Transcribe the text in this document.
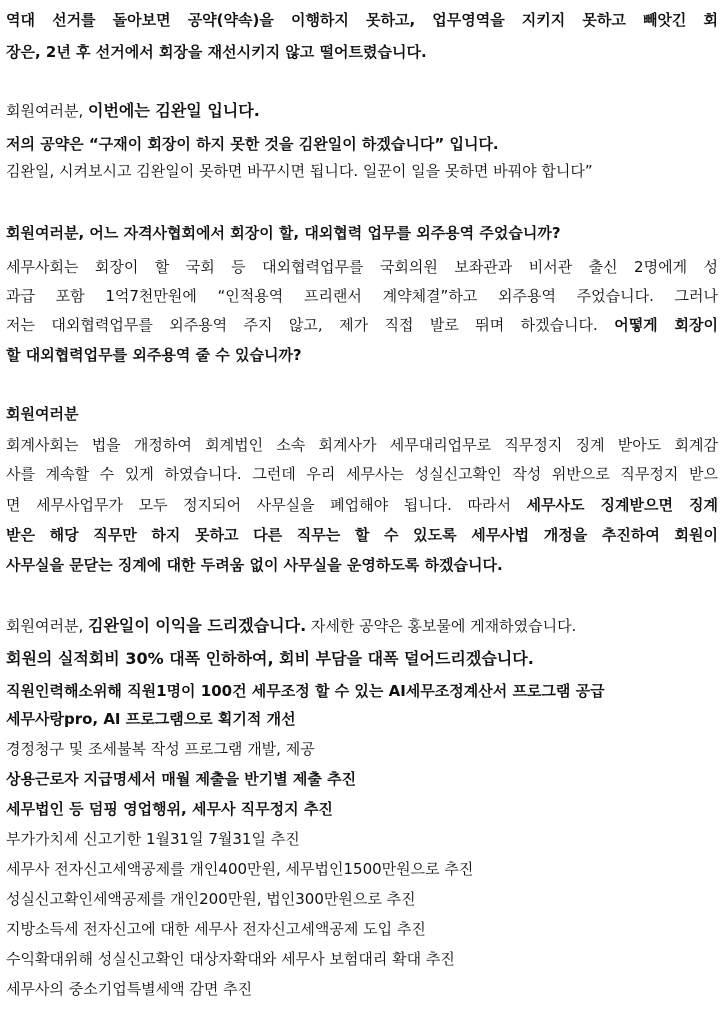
역대 선거를 돌아보면 공약(약속)을 이행하지 못하고, 업무영역을 지키지 못하고 빼앗긴 회
장은, 2년 후 선거에서 회장을 재선시키지 않고 떨어트렸습니다.
회원여러분, 이번에는 김완일 입니다.
저의 공약은 “구재이 회장이 하지 못한 것을 김완일이 하겠습니다” 입니다.
김완일, 시켜보시고 김완일이 못하면 바꾸시면 됩니다. 일꾼이 일을 못하면 바꿔야 합니다”
회원여러분, 어느 자격사협회에서 회장이 할, 대외협력 업무를 외주용역 주었습니까?
세무사회는 회장이 할 국회 등 대외협력업무를 국회의원 보좌관과 비서관 출신 2명에게 성
과급 포함 1억7천만원에 “인적용역 프리랜서 계약체결”하고 외주용역 주었습니다. 그러나
저는 대외협력업무를 외주용역 주지 않고, 제가 직접 발로 뛰며 하겠습니다. 어떻게 회장이
할 대외협력업무를 외주용역 줄 수 있습니까?
회원여러분
회계사회는 법을 개정하여 회계법인 소속 회계사가 세무대리업무로 직무정지 징계 받아도 회계감
사를 계속할 수 있게 하였습니다. 그런데 우리 세무사는 성실신고확인 작성 위반으로 직무정지 받으
면 세무사업무가 모두 정지되어 사무실을 폐업해야 됩니다. 따라서 세무사도 징계받으면 징계
받은 해당 직무만 하지 못하고 다른 직무는 할 수 있도록 세무사법 개정을 추진하여 회원이
사무실을 문닫는 징계에 대한 두려움 없이 사무실을 운영하도록 하겠습니다.
회원여러분, 김완일이 이익을 드리겠습니다. 자세한 공약은 홍보물에 게재하였습니다.
회원의 실적회비 30% 대폭 인하하여, 회비 부담을 대폭 덜어드리겠습니다.
직원인력해소위해 직원1명이 100건 세무조정 할 수 있는 AI세무조정계산서 프로그램 공급
세무사랑pro, AI 프로그램으로 획기적 개선
경정청구 및 조세불복 작성 프로그램 개발, 제공
상용근로자 지급명세서 매월 제출을 반기별 제출 추진
세무법인 등 덤핑 영업행위, 세무사 직무정지 추진
부가가치세 신고기한 1월31일 7월31일 추진
세무사 전자신고세액공제를 개인400만원, 세무법인1500만원으로 추진
성실신고확인세액공제를 개인200만원, 법인300만원으로 추진
지방소득세 전자신고에 대한 세무사 전자신고세액공제 도입 추진
수익확대위해 성실신고확인 대상자확대와 세무사 보험대리 확대 추진
세무사의 중소기업특별세액 감면 추진
